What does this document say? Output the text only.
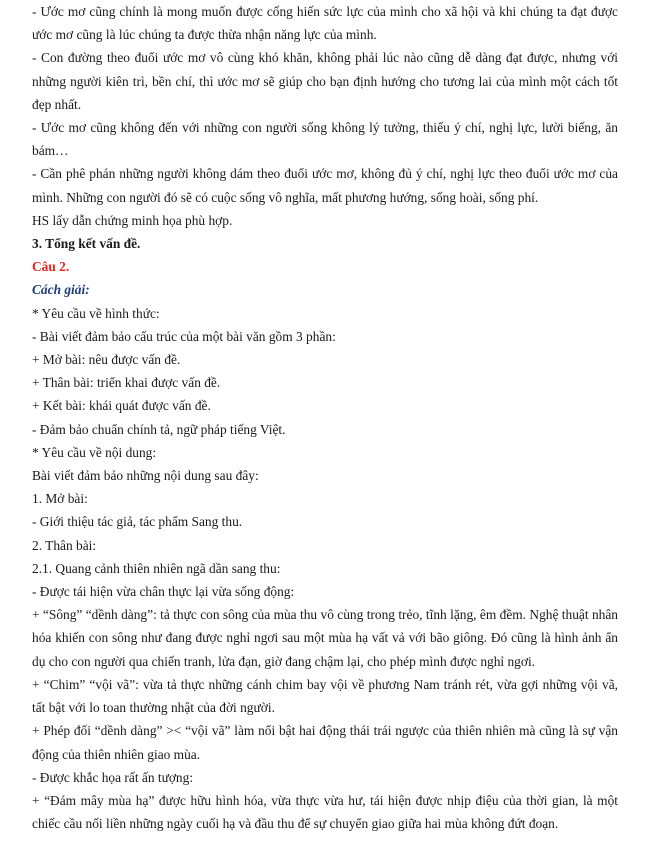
- Ước mơ cũng chính là mong muốn được cống hiến sức lực của mình cho xã hội và khi chúng ta đạt được ước mơ cũng là lúc chúng ta được thừa nhận năng lực của mình.

- Con đường theo đuổi ước mơ vô cùng khó khăn, không phải lúc nào cũng dễ dàng đạt được, nhưng với những người kiên trì, bền chí, thì ước mơ sẽ giúp cho bạn định hướng cho tương lai của mình một cách tốt đẹp nhất.

- Ước mơ cũng không đến với những con người sống không lý tưởng, thiếu ý chí, nghị lực, lười biếng, ăn bám…

- Cần phê phán những người không dám theo đuổi ước mơ, không đủ ý chí, nghị lực theo đuổi ước mơ của mình. Những con người đó sẽ có cuộc sống vô nghĩa, mất phương hướng, sống hoài, sống phí.

HS lấy dẫn chứng minh họa phù hợp.

3. Tổng kết vấn đề.

Câu 2.

Cách giải:

* Yêu cầu về hình thức:

- Bài viết đảm bảo cấu trúc của một bài văn gồm 3 phần:

+ Mở bài: nêu được vấn đề.

+ Thân bài: triển khai được vấn đề.

+ Kết bài: khái quát được vấn đề.

- Đảm bảo chuẩn chính tả, ngữ pháp tiếng Việt.

* Yêu cầu về nội dung:

Bài viết đảm bảo những nội dung sau đây:

1. Mở bài:

- Giới thiệu tác giả, tác phẩm Sang thu.

2. Thân bài:

2.1. Quang cảnh thiên nhiên ngã dần sang thu:

- Được tái hiện vừa chân thực lại vừa sống động:

+ “Sông” “dềnh dàng”: tả thực con sông của mùa thu vô cùng trong trẻo, tĩnh lặng, êm đềm. Nghệ thuật nhân hóa khiến con sông như đang được nghỉ ngơi sau một mùa hạ vất vả với bão giông. Đó cũng là hình ảnh ẩn dụ cho con người qua chiến tranh, lửa đạn, giờ đang chậm lại, cho phép mình được nghỉ ngơi.

+ “Chim” “vội vã”: vừa tả thực những cánh chim bay vội về phương Nam tránh rét, vừa gợi những vội vã, tất bật với lo toan thường nhật của đời người.

+ Phép đối “dềnh dàng” >< “vội vã” làm nổi bật hai động thái trái ngược của thiên nhiên mà cũng là sự vận động của thiên nhiên giao mùa.

- Được khắc họa rất ấn tượng:

+ “Đám mây mùa hạ” được hữu hình hóa, vừa thực vừa hư, tái hiện được nhịp điệu của thời gian, là một chiếc cầu nối liền những ngày cuối hạ và đầu thu để sự chuyển giao giữa hai mùa không đứt đoạn.
